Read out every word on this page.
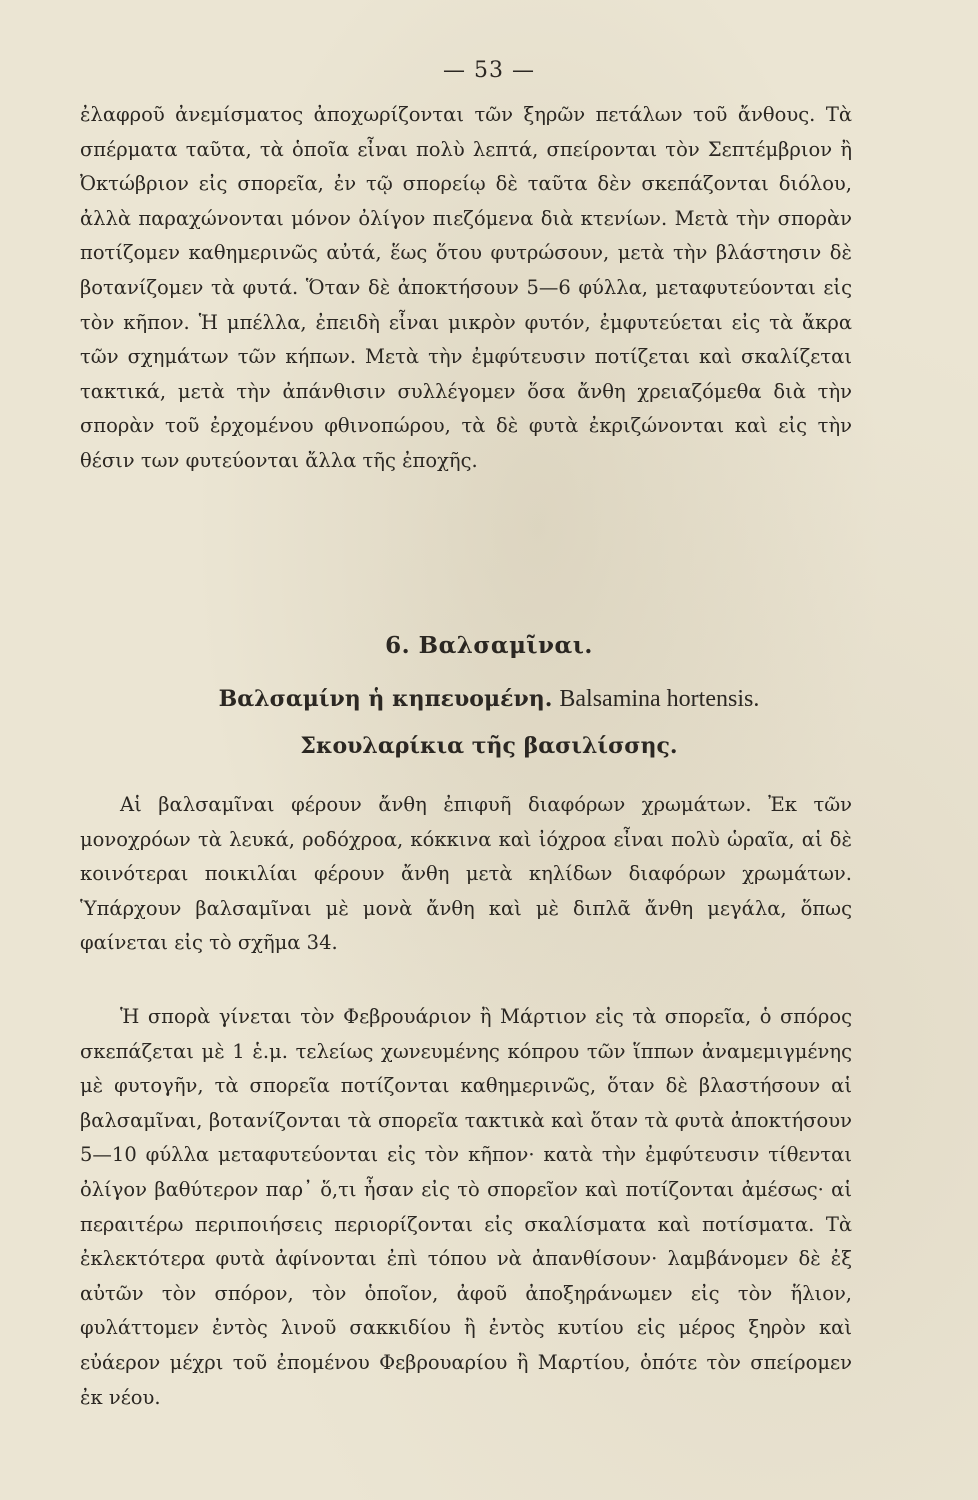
— 53 —

ἐλαφροῦ ἀνεμίσματος ἀποχωρίζονται τῶν ξηρῶν πετάλων τοῦ ἄνθους. Τὰ σπέρματα ταῦτα, τὰ ὁποῖα εἶναι πολὺ λεπτά, σπείρονται τὸν Σεπτέμβριον ἢ Ὀκτώβριον εἰς σπορεῖα, ἐν τῷ σπορείῳ δὲ ταῦτα δὲν σκεπάζονται διόλου, ἀλλὰ παραχώνονται μόνον ὀλίγον πιεζόμενα διὰ κτενίων. Μετὰ τὴν σπορὰν ποτίζομεν καθημερινῶς αὐτά, ἕως ὅτου φυτρώσουν, μετὰ τὴν βλάστησιν δὲ βοτανίζομεν τὰ φυτά. Ὅταν δὲ ἀποκτήσουν 5—6 φύλλα, μεταφυτεύονται εἰς τὸν κῆπον. Ἡ μπέλλα, ἐπειδὴ εἶναι μικρὸν φυτόν, ἐμφυτεύεται εἰς τὰ ἄκρα τῶν σχημάτων τῶν κήπων. Μετὰ τὴν ἐμφύτευσιν ποτίζεται καὶ σκαλίζεται τακτικά, μετὰ τὴν ἀπάνθισιν συλλέγομεν ὅσα ἄνθη χρειαζόμεθα διὰ τὴν σπορὰν τοῦ ἐρχομένου φθινοπώρου, τὰ δὲ φυτὰ ἐκριζώνονται καὶ εἰς τὴν θέσιν των φυτεύονται ἄλλα τῆς ἐποχῆς.

6. Βαλσαμῖναι.
Βαλσαμίνη ἡ κηπευομένη. Balsamina hortensis.
Σκουλαρίκια τῆς βασιλίσσης.

Αἱ βαλσαμῖναι φέρουν ἄνθη ἐπιφυῆ διαφόρων χρωμάτων. Ἐκ τῶν μονοχρόων τὰ λευκά, ροδόχροα, κόκκινα καὶ ἰόχροα εἶναι πολὺ ὡραῖα, αἱ δὲ κοινότεραι ποικιλίαι φέρουν ἄνθη μετὰ κηλίδων διαφόρων χρωμάτων. Ὑπάρχουν βαλσαμῖναι μὲ μονὰ ἄνθη καὶ μὲ διπλᾶ ἄνθη μεγάλα, ὅπως φαίνεται εἰς τὸ σχῆμα 34.

Ἡ σπορὰ γίνεται τὸν Φεβρουάριον ἢ Μάρτιον εἰς τὰ σπορεῖα, ὁ σπόρος σκεπάζεται μὲ 1 ἑ.μ. τελείως χωνευμένης κόπρου τῶν ἵππων ἀναμεμιγμένης μὲ φυτογῆν, τὰ σπορεῖα ποτίζονται καθημερινῶς, ὅταν δὲ βλαστήσουν αἱ βαλσαμῖναι, βοτανίζονται τὰ σπορεῖα τακτικὰ καὶ ὅταν τὰ φυτὰ ἀποκτήσουν 5—10 φύλλα μεταφυτεύονται εἰς τὸν κῆπον· κατὰ τὴν ἐμφύτευσιν τίθενται ὀλίγον βαθύτερον παρ᾽ ὅ,τι ἦσαν εἰς τὸ σπορεῖον καὶ ποτίζονται ἀμέσως· αἱ περαιτέρω περιποιήσεις περιορίζονται εἰς σκαλίσματα καὶ ποτίσματα. Τὰ ἐκλεκτότερα φυτὰ ἀφίνονται ἐπὶ τόπου νὰ ἀπανθίσουν· λαμβάνομεν δὲ ἐξ αὐτῶν τὸν σπόρον, τὸν ὁποῖον, ἀφοῦ ἀποξηράνωμεν εἰς τὸν ἥλιον, φυλάττομεν ἐντὸς λινοῦ σακκιδίου ἢ ἐντὸς κυτίου εἰς μέρος ξηρὸν καὶ εὐάερον μέχρι τοῦ ἐπομένου Φεβρουαρίου ἢ Μαρτίου, ὁπότε τὸν σπείρομεν ἐκ νέου.
